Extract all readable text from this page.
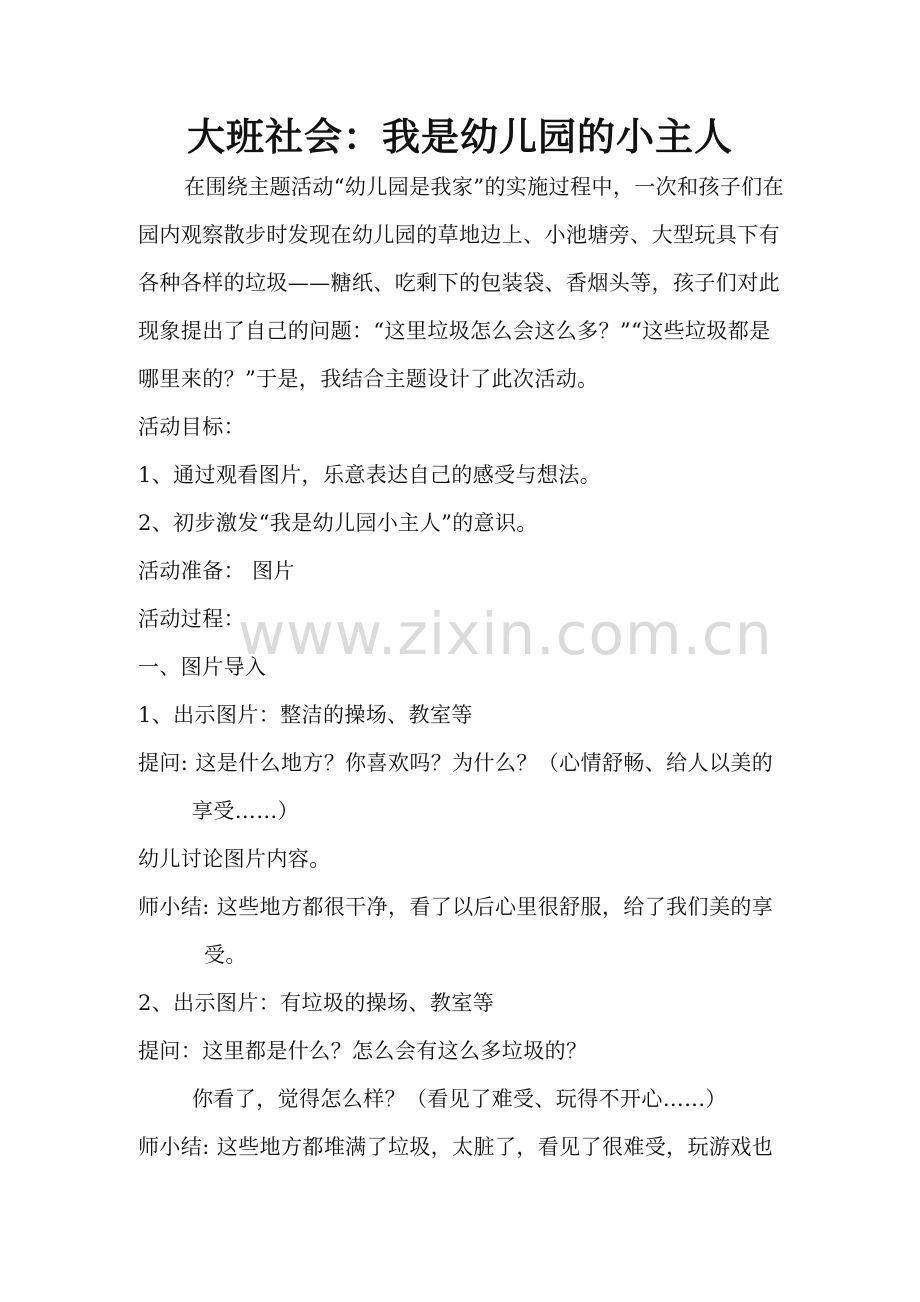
大班社会：我是幼儿园的小主人
在围绕主题活动“幼儿园是我家”的实施过程中，一次和孩子们在
园内观察散步时发现在幼儿园的草地边上、小池塘旁、大型玩具下有
各种各样的垃圾——糖纸、吃剩下的包装袋、香烟头等，孩子们对此
现象提出了自己的问题：“这里垃圾怎么会这么多？”“这些垃圾都是
哪里来的？”于是，我结合主题设计了此次活动。
活动目标：
1、通过观看图片，乐意表达自己的感受与想法。
2、初步激发“我是幼儿园小主人”的意识。
活动准备： 图片
活动过程：
一、图片导入
1、出示图片：整洁的操场、教室等
提问: 这是什么地方？你喜欢吗？为什么？（心情舒畅、给人以美的
享受……）
幼儿讨论图片内容。
师小结: 这些地方都很干净，看了以后心里很舒服，给了我们美的享
受。
2、出示图片：有垃圾的操场、教室等
提问：这里都是什么？怎么会有这么多垃圾的？
你看了，觉得怎么样？（看见了难受、玩得不开心…...）
师小结: 这些地方都堆满了垃圾，太脏了，看见了很难受，玩游戏也
www.zixin.com.cn
